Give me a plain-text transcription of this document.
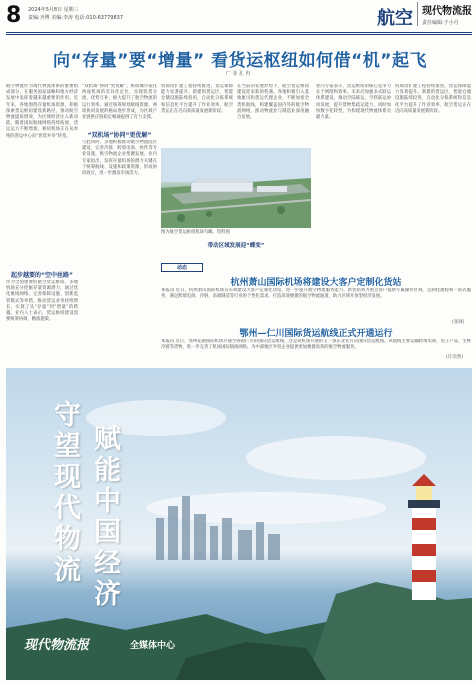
8 2024年5月8日 星期三
责编:齐博 美编:李涛 电话:010-63779837	航空 现代物流报
责任编辑:于小月
向“存量”要“增量” 看货运枢纽如何借“机”起飞
广 菲 孔 冉
航空物流作为现代物流体系的重要组成部分，在服务国家战略和地方经济发展中发挥着越来越重要的作用。近年来，各地围绕存量机场资源，积极探索货运枢纽建设新路径，推动航空物流提质增效，为区域经济注入新动能。随着国际航线网络持续拓展、货运运力不断增加，枢纽机场正在从单纯的客运中心向“客货并举”转变。
起步越要的“空中丝路”
作为全国重要的航空货运枢纽，多地机场充分挖掘存量资源潜力，通过优化航线网络、完善保障设施、创新监管模式等举措，推动货运业务持续增长，实现了从“存量”到“增量”的跨越。业内人士表示，货运枢纽建设需要统筹协调、精准施策。
“双机场”协同“更优解”。枢纽城市依托两座机场的差异化定位，实现客货分流、优势互补，极大提升了航空物流的运行效率。通过统筹规划航线资源，两场协同发展的格局逐步形成，为区域产业链供应链稳定畅通提供了有力支撑。
“双机场”协同“更优解”
与此同时，多地积极推动航空物流园区建设，完善冷链、跨境电商、快件等专业设施，吸引物流企业集聚发展。业内专家指出，发挥存量机场的潜力关键在于统筹航线、设施和政策资源，形成协同效应，进一步激发市场活力。
机场改扩建工程持续推进，货运保障能力显著提升。新建的货运区、智能仓储设施陆续投用，自动化分拣系统和信息化平台提升了作业效率，航空货运正在迈向高质量发展新阶段。
在当前的发展形势下，航空货运枢纽建设迎来新的机遇。各地积极引入基地航司和货运代理企业，不断加密全货机航线，构建覆盖国内外的航空物流网络，推动物流业与制造业深度融合发展。
业内专家表示，货运枢纽的核心竞争力在于网络和效率。未来应加强多式联运体系建设，推动空陆联运、空铁联运协同发展，提升货物集疏运能力，同时加快数字化转型，为构建现代物流体系贡献力量。
机场改扩建工程持续推进，货运保障能力显著提升。新建的货运区、智能仓储设施陆续投用，自动化分拣系统和信息化平台提升了作业效率，航空货运正在迈向高质量发展新阶段。
图为航空货运枢纽机场鸟瞰。资料图
带动区域发展迎“蝶变”
动态
杭州萧山国际机场将建设大客户定制化货站
本报讯 近日，杭州萧山国际机场宣布将建设大客户定制化货站，进一步提升航空物流服务能力。新货站将为重点客户提供专属操作区域、定制化流程和一站式服务，满足跨境电商、冷链、高端制造等行业的个性化需求，打造高效便捷的航空物流通道，助力区域开放型经济发展。
(张葳)
鄂州—仁川国际货运航线正式开通运行
本报讯 近日，鄂州花湖国际机场开通至韩国仁川的国际货运航线，这是该机场开通的又一条东北亚方向国际货运航线。该航线主要运输跨境电商、电子产品、生鲜冷链等货物，进一步完善了机场国际航线网络，为中部地区外贸企业提供更加便捷高效的航空物流服务。
(许浩然)
守望现代物流
赋能中国经济
现代物流报	全媒体中心
